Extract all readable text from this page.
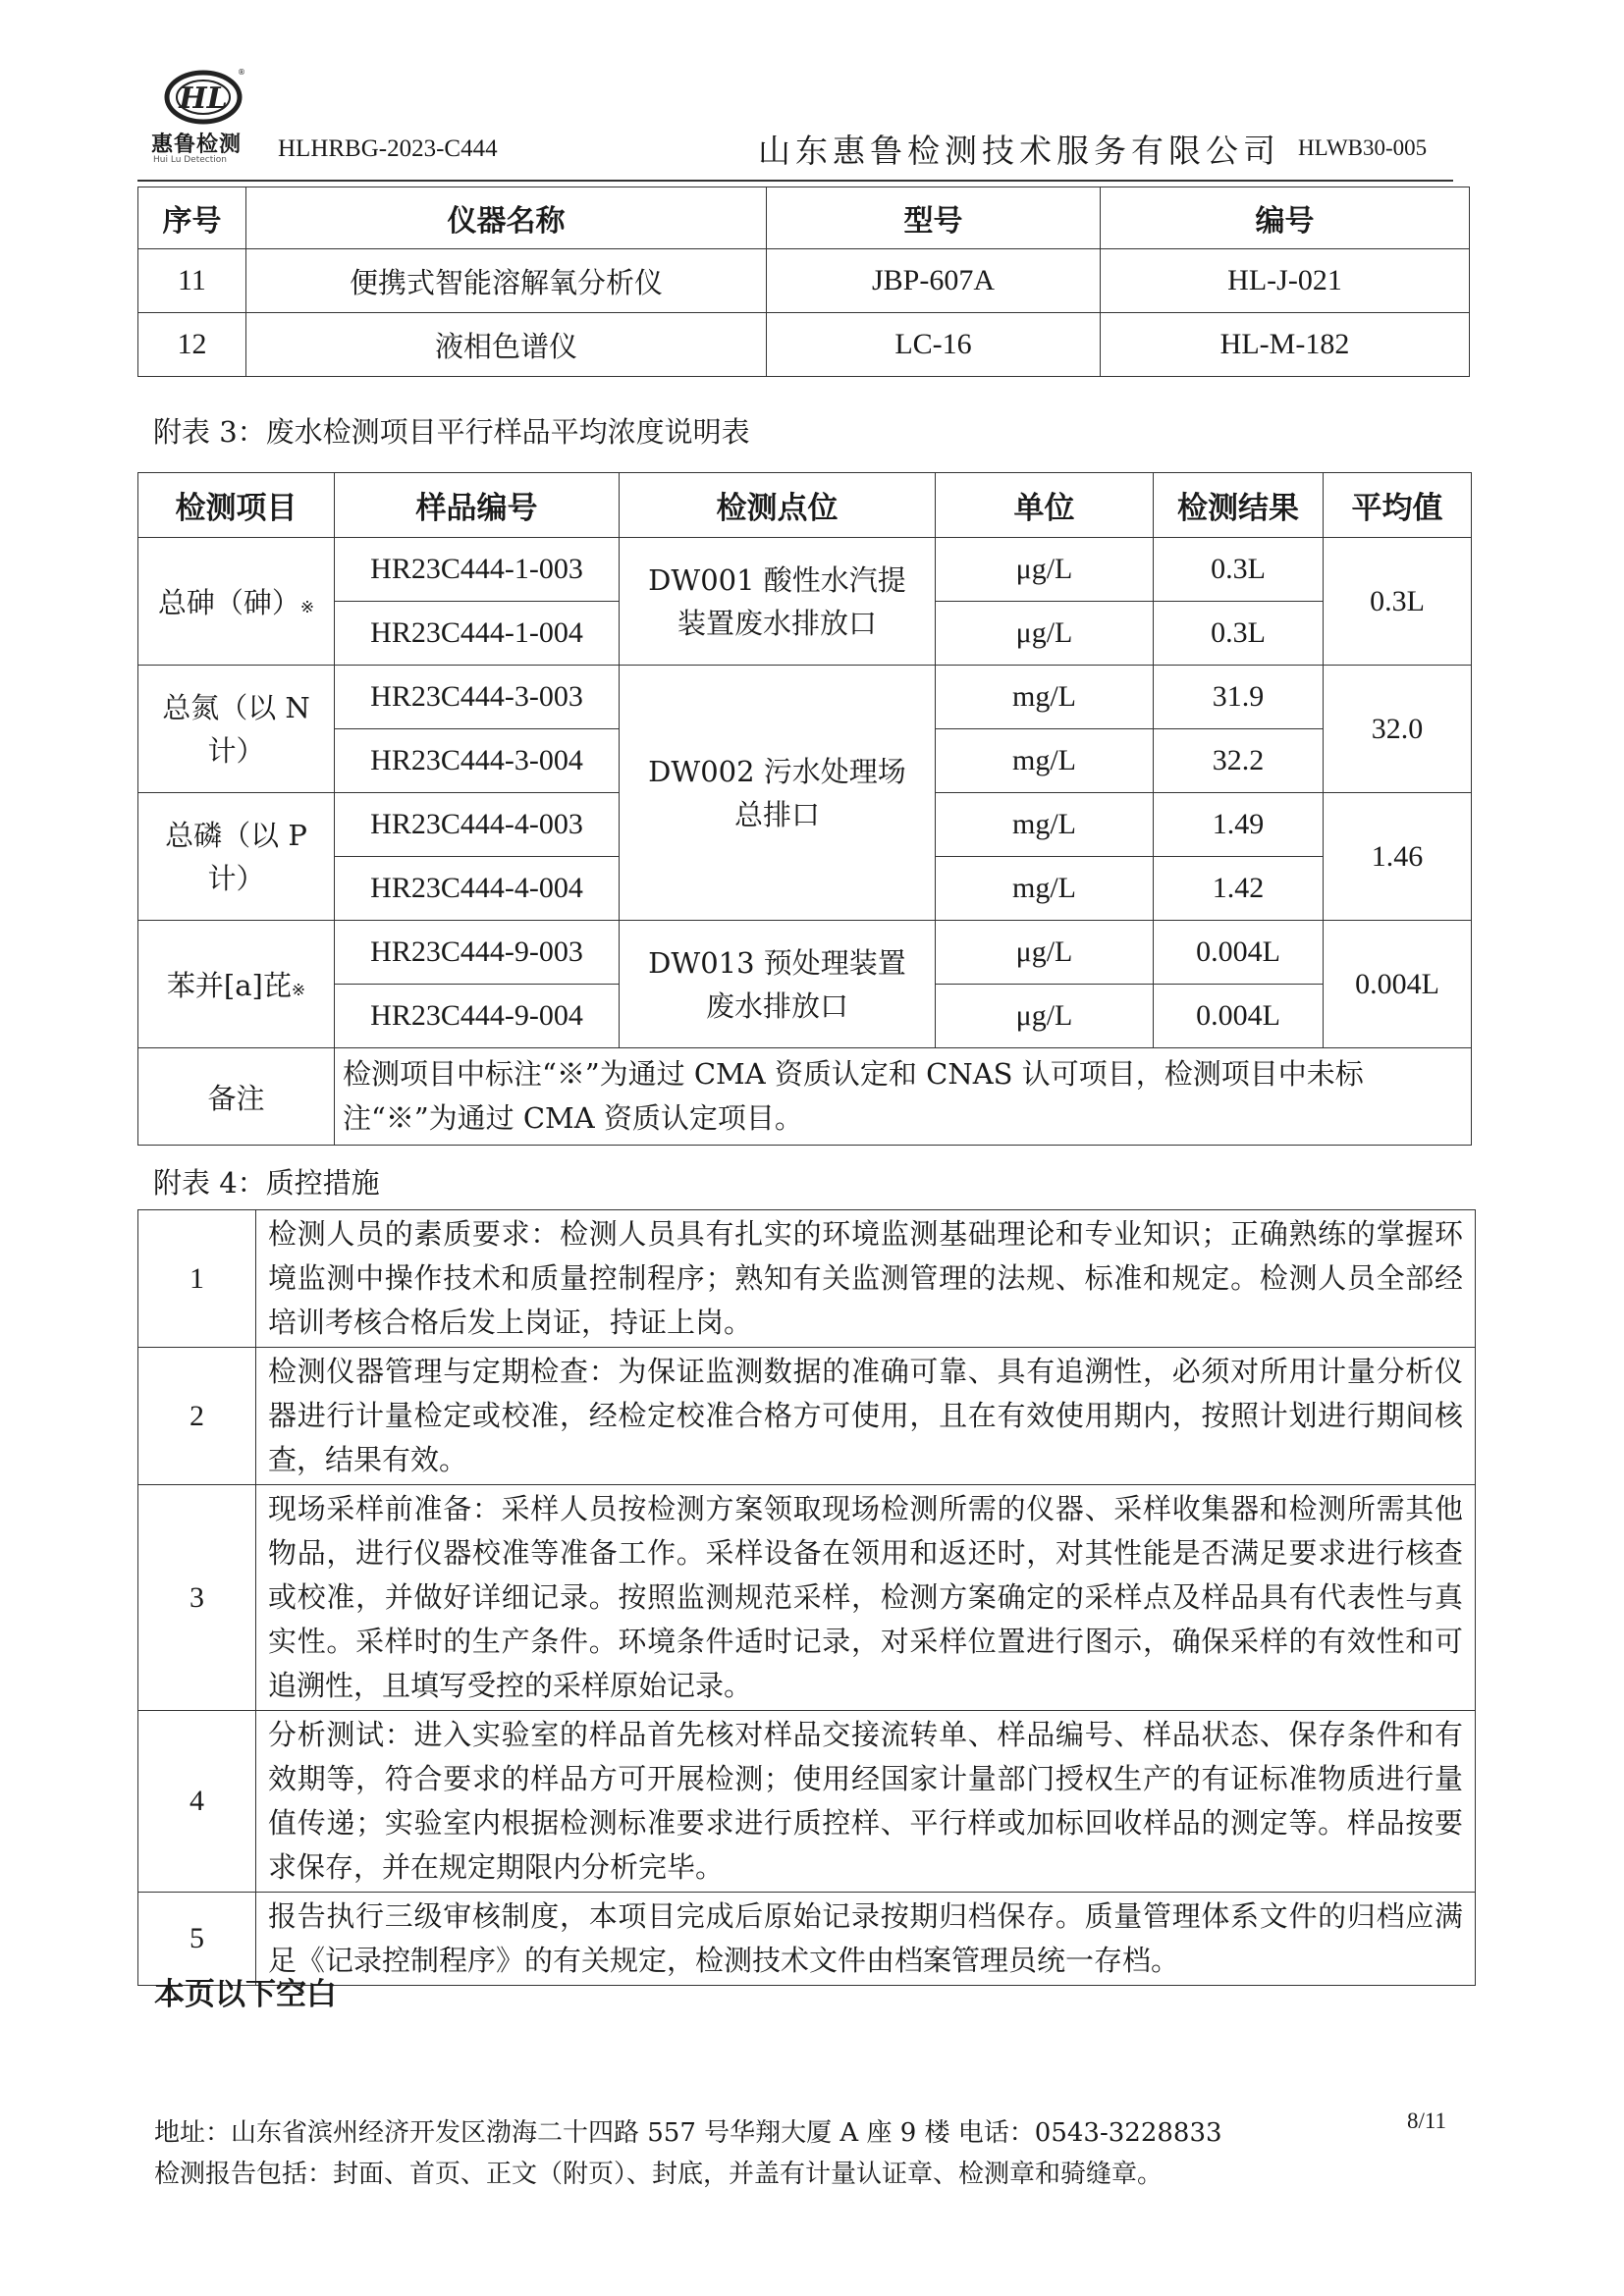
HL
®
惠鲁检测
Hui Lu Detection HLHRBG-2023-C444	山东惠鲁检测技术服务有限公司 HLWB30-005
序号	仪器名称	型号	编号
11	便携式智能溶解氧分析仪	JBP-607A	HL-J-021
12	液相色谱仪	LC-16	HL-M-182
附表 3：废水检测项目平行样品平均浓度说明表
检测项目	样品编号	检测点位	单位	检测结果	平均值
总砷（砷）※	HR23C444-1-003	DW001 酸性水汽提装置废水排放口	μg/L	0.3L	0.3L
	HR23C444-1-004		μg/L	0.3L	
总氮（以 N 计）	HR23C444-3-003	DW002 污水处理场总排口	mg/L	31.9	32.0
	HR23C444-3-004		mg/L	32.2	
总磷（以 P 计）	HR23C444-4-003		mg/L	1.49	1.46
	HR23C444-4-004		mg/L	1.42	
苯并[a]芘※	HR23C444-9-003	DW013 预处理装置废水排放口	μg/L	0.004L	0.004L
	HR23C444-9-004		μg/L	0.004L	
备注	检测项目中标注“※”为通过 CMA 资质认定和 CNAS 认可项目，检测项目中未标注“※”为通过 CMA 资质认定项目。				
附表 4：质控措施
1	检测人员的素质要求：检测人员具有扎实的环境监测基础理论和专业知识；正确熟练的掌握环境监测中操作技术和质量控制程序；熟知有关监测管理的法规、标准和规定。检测人员全部经培训考核合格后发上岗证，持证上岗。
2	检测仪器管理与定期检查：为保证监测数据的准确可靠、具有追溯性，必须对所用计量分析仪器进行计量检定或校准，经检定校准合格方可使用，且在有效使用期内，按照计划进行期间核查，结果有效。
3	现场采样前准备：采样人员按检测方案领取现场检测所需的仪器、采样收集器和检测所需其他物品，进行仪器校准等准备工作。采样设备在领用和返还时，对其性能是否满足要求进行核查或校准，并做好详细记录。按照监测规范采样，检测方案确定的采样点及样品具有代表性与真实性。采样时的生产条件。环境条件适时记录，对采样位置进行图示，确保采样的有效性和可追溯性，且填写受控的采样原始记录。
4	分析测试：进入实验室的样品首先核对样品交接流转单、样品编号、样品状态、保存条件和有效期等，符合要求的样品方可开展检测；使用经国家计量部门授权生产的有证标准物质进行量值传递；实验室内根据检测标准要求进行质控样、平行样或加标回收样品的测定等。样品按要求保存，并在规定期限内分析完毕。
5	报告执行三级审核制度，本项目完成后原始记录按期归档保存。质量管理体系文件的归档应满足《记录控制程序》的有关规定，检测技术文件由档案管理员统一存档。
本页以下空白
地址：山东省滨州经济开发区渤海二十四路 557 号华翔大厦 A 座 9 楼 电话：0543-3228833	8/11
检测报告包括：封面、首页、正文（附页）、封底，并盖有计量认证章、检测章和骑缝章。
